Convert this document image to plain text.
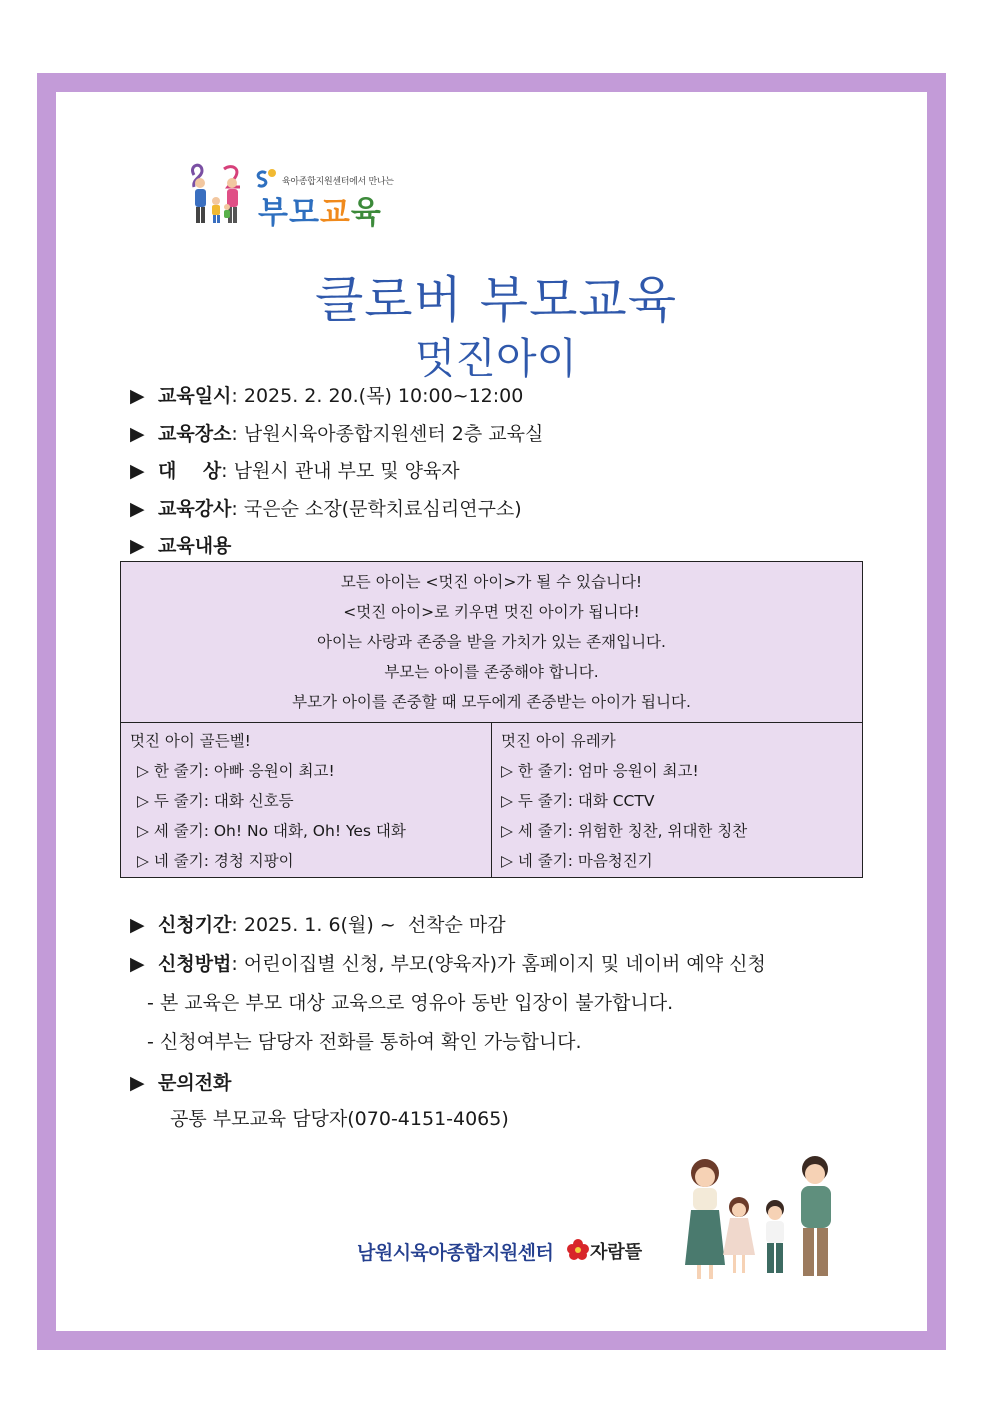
육아종합지원센터에서 만나는
부모교육
클로버 부모교육
멋진아이
▶ 교육일시: 2025. 2. 20.(목) 10:00~12:00
▶ 교육장소: 남원시육아종합지원센터 2층 교육실
▶ 대    상: 남원시 관내 부모 및 양육자
▶ 교육강사: 국은순 소장(문학치료심리연구소)
▶ 교육내용
모든 아이는 <멋진 아이>가 될 수 있습니다!
<멋진 아이>로 키우면 멋진 아이가 됩니다!
아이는 사랑과 존중을 받을 가치가 있는 존재입니다.
부모는 아이를 존중해야 합니다.
부모가 아이를 존중할 때 모두에게 존중받는 아이가 됩니다.
멋진 아이 골든벨!
▷ 한 줄기: 아빠 응원이 최고!
▷ 두 줄기: 대화 신호등
▷ 세 줄기: Oh! No 대화, Oh! Yes 대화
▷ 네 줄기: 경청 지팡이
멋진 아이 유레카
▷ 한 줄기: 엄마 응원이 최고!
▷ 두 줄기: 대화 CCTV
▷ 세 줄기: 위험한 칭찬, 위대한 칭찬
▷ 네 줄기: 마음청진기
▶ 신청기간: 2025. 1. 6(월) ~  선착순 마감
▶ 신청방법: 어린이집별 신청, 부모(양육자)가 홈페이지 및 네이버 예약 신청
- 본 교육은 부모 대상 교육으로 영유아 동반 입장이 불가합니다.
- 신청여부는 담당자 전화를 통하여 확인 가능합니다.
▶ 문의전화
공통 부모교육 담당자(070-4151-4065)
남원시육아종합지원센터 자람뜰
